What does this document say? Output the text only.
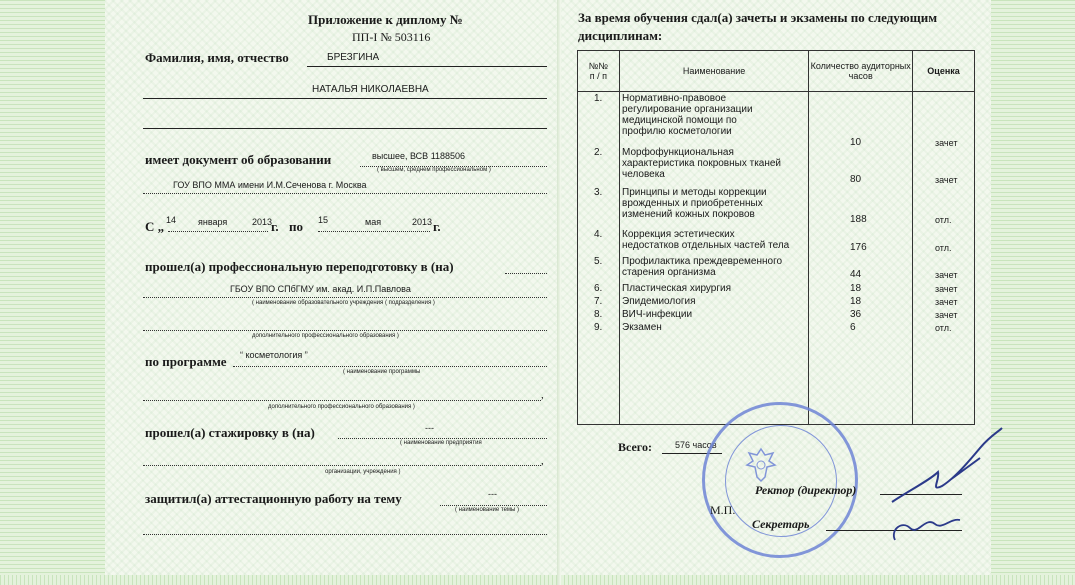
Приложение к диплому №
ПП-I № 503116
Фамилия, имя, отчество	БРЕЗГИНА
НАТАЛЬЯ НИКОЛАЕВНА
имеет документ об образовании	высшее, ВСВ 1188506
( высшем, среднем профессиональном )
ГОУ ВПО ММА имени И.М.Сеченова г. Москва
С „ 14 января	2013
г. по 15	мая	2013 г.
прошел(а) профессиональную переподготовку в (на)
ГБОУ ВПО СПбГМУ им. акад. И.П.Павлова
( наименование образовательного учреждения ( подразделения )
дополнительного профессионального образования )
по программе “ косметология ”
( наименование программы
,
дополнительного профессионального образования )
прошел(а) стажировку в (на)	---
( наименование предприятия
,
организации, учреждения )
защитил(а) аттестационную работу на тему	---
( наименование темы )
За время обучения сдал(а) зачеты и экзамены по следующим
дисциплинам:
№№
п / п	Наименование	Количество аудиторных часов	Оценка

1. Нормативно-правовое
регулирование организации
медицинской помощи по
профилю косметологии
10	зачет
2. Морфофункциональная
характеристика покровных тканей
человека	80	зачет
3. Принципы и методы коррекции
врожденных и приобретенных
изменений кожных покровов	188	отл.
4. Коррекция эстетических
недостатков отдельных частей тела	176	отл.
5. Профилактика преждевременного
старения организма	44	зачет
6. Пластическая хирургия	18	зачет
7. Эпидемиология	18	зачет
8. ВИЧ-инфекции	36	зачет
9. Экзамен	6	отл.
Всего:	576 часов
Ректор (директор)
М.П.
Секретарь
